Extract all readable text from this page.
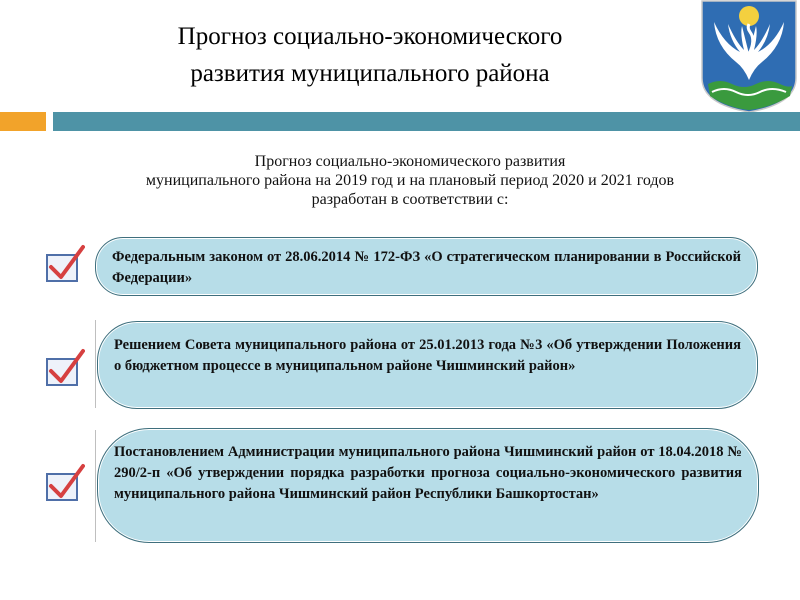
Прогноз социально-экономического
развития муниципального района
Прогноз социально-экономического развития
муниципального района на 2019 год и на плановый период 2020 и 2021 годов
разработан в соответствии с:
Федеральным законом от 28.06.2014 № 172-ФЗ «О стратегическом планировании в Российской Федерации»
Решением Совета муниципального района от 25.01.2013 года №3 «Об утверждении Положения о бюджетном процессе в муниципальном районе Чишминский район»
Постановлением Администрации муниципального района Чишминский район от 18.04.2018 № 290/2-п «Об утверждении порядка разработки прогноза социально-экономического развития муниципального района Чишминский район Республики Башкортостан»
